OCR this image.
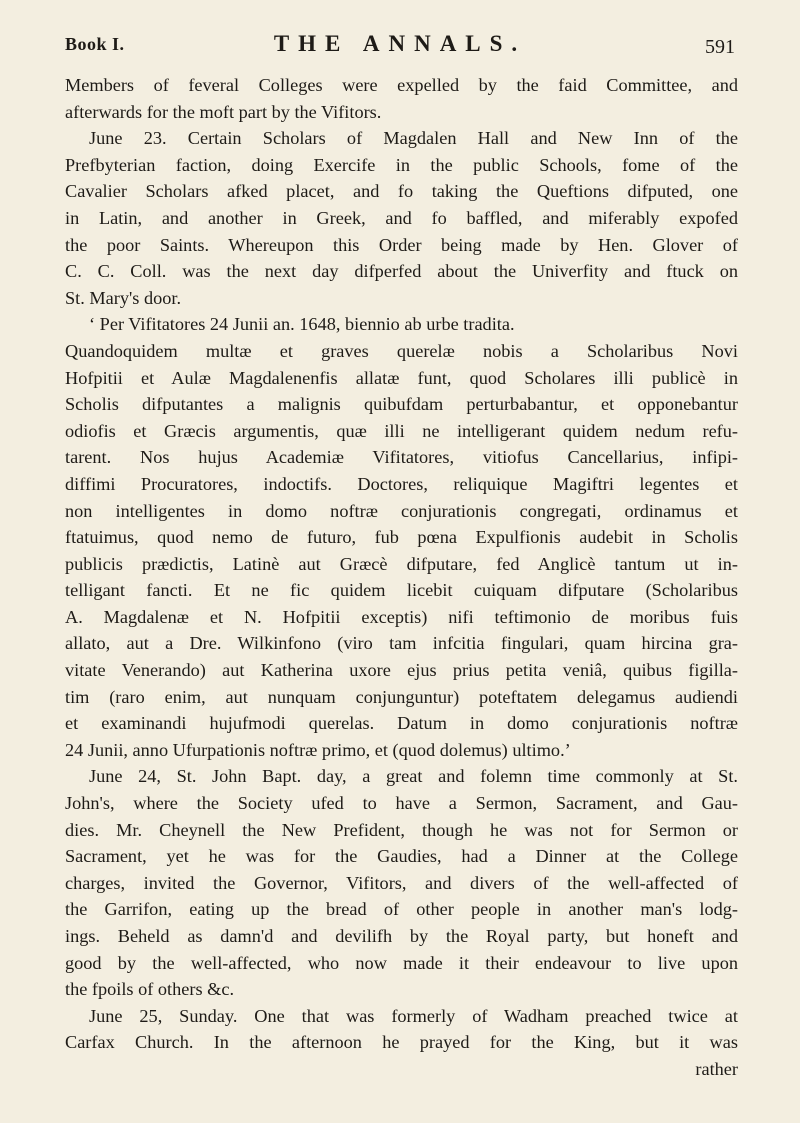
Book I.	THE ANNALS.	591
Members of feveral Colleges were expelled by the faid Committee, and
afterwards for the moft part by the Vifitors.
June 23. Certain Scholars of Magdalen Hall and New Inn of the
Prefbyterian faction, doing Exercife in the public Schools, fome of the
Cavalier Scholars afked placet, and fo taking the Queftions difputed, one
in Latin, and another in Greek, and fo baffled, and miferably expofed
the poor Saints. Whereupon this Order being made by Hen. Glover of
C. C. Coll. was the next day difperfed about the Univerfity and ftuck on
St. Mary's door.
‘ Per Vifitatores 24 Junii an. 1648, biennio ab urbe tradita.
Quandoquidem multæ et graves querelæ nobis a Scholaribus Novi
Hofpitii et Aulæ Magdalenenfis allatæ funt, quod Scholares illi publicè in
Scholis difputantes a malignis quibufdam perturbabantur, et opponebantur
odiofis et Græcis argumentis, quæ illi ne intelligerant quidem nedum refu-
tarent. Nos hujus Academiæ Vifitatores, vitiofus Cancellarius, infipi-
diffimi Procuratores, indoctifs. Doctores, reliquique Magiftri legentes et
non intelligentes in domo noftræ conjurationis congregati, ordinamus et
ftatuimus, quod nemo de futuro, fub pœna Expulfionis audebit in Scholis
publicis prædictis, Latinè aut Græcè difputare, fed Anglicè tantum ut in-
telligant fancti. Et ne fic quidem licebit cuiquam difputare (Scholaribus
A. Magdalenæ et N. Hofpitii exceptis) nifi teftimonio de moribus fuis
allato, aut a Dre. Wilkinfono (viro tam infcitia fingulari, quam hircina gra-
vitate Venerando) aut Katherina uxore ejus prius petita veniâ, quibus figilla-
tim (raro enim, aut nunquam conjunguntur) poteftatem delegamus audiendi
et examinandi hujufmodi querelas. Datum in domo conjurationis noftræ
24 Junii, anno Ufurpationis noftræ primo, et (quod dolemus) ultimo.’
June 24, St. John Bapt. day, a great and folemn time commonly at St.
John's, where the Society ufed to have a Sermon, Sacrament, and Gau-
dies. Mr. Cheynell the New Prefident, though he was not for Sermon or
Sacrament, yet he was for the Gaudies, had a Dinner at the College
charges, invited the Governor, Vifitors, and divers of the well-affected of
the Garrifon, eating up the bread of other people in another man's lodg-
ings. Beheld as damn'd and devilifh by the Royal party, but honeft and
good by the well-affected, who now made it their endeavour to live upon
the fpoils of others &c.
June 25, Sunday. One that was formerly of Wadham preached twice at
Carfax Church. In the afternoon he prayed for the King, but it was
rather
